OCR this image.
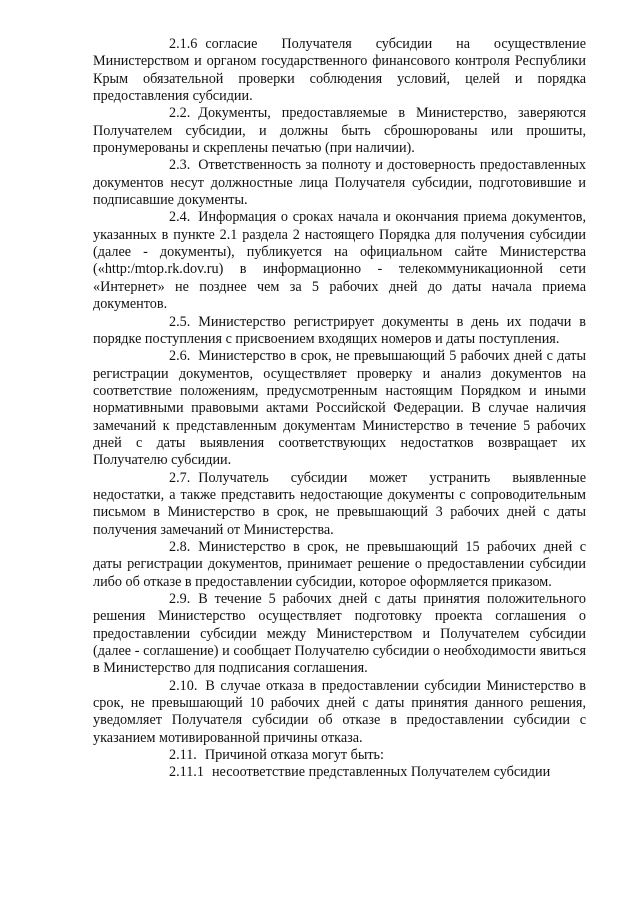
2.1.6 согласие Получателя субсидии на осуществление Министерством и органом государственного финансового контроля Республики Крым обязательной проверки соблюдения условий, целей и порядка предоставления субсидии.

2.2. Документы, предоставляемые в Министерство, заверяются Получателем субсидии, и должны быть сброшюрованы или прошиты, пронумерованы и скреплены печатью (при наличии).

2.3. Ответственность за полноту и достоверность предоставленных документов несут должностные лица Получателя субсидии, подготовившие и подписавшие документы.

2.4. Информация о сроках начала и окончания приема документов, указанных в пункте 2.1 раздела 2 настоящего Порядка для получения субсидии (далее - документы), публикуется на официальном сайте Министерства («http:/mtop.rk.dov.ru) в информационно - телекоммуникационной сети «Интернет» не позднее чем за 5 рабочих дней до даты начала приема документов.

2.5. Министерство регистрирует документы в день их подачи в порядке поступления с присвоением входящих номеров и даты поступления.

2.6. Министерство в срок, не превышающий 5 рабочих дней с даты регистрации документов, осуществляет проверку и анализ документов на соответствие положениям, предусмотренным настоящим Порядком и иными нормативными правовыми актами Российской Федерации. В случае наличия замечаний к представленным документам Министерство в течение 5 рабочих дней с даты выявления соответствующих недостатков возвращает их Получателю субсидии.

2.7. Получатель субсидии может устранить выявленные недостатки, а также представить недостающие документы с сопроводительным письмом в Министерство в срок, не превышающий 3 рабочих дней с даты получения замечаний от Министерства.

2.8. Министерство в срок, не превышающий 15 рабочих дней с даты регистрации документов, принимает решение о предоставлении субсидии либо об отказе в предоставлении субсидии, которое оформляется приказом.

2.9. В течение 5 рабочих дней с даты принятия положительного решения Министерство осуществляет подготовку проекта соглашения о предоставлении субсидии между Министерством и Получателем субсидии (далее - соглашение) и сообщает Получателю субсидии о необходимости явиться в Министерство для подписания соглашения.

2.10. В случае отказа в предоставлении субсидии Министерство в срок, не превышающий 10 рабочих дней с даты принятия данного решения, уведомляет Получателя субсидии об отказе в предоставлении субсидии с указанием мотивированной причины отказа.

2.11. Причиной отказа могут быть:

2.11.1 несоответствие представленных Получателем субсидии
